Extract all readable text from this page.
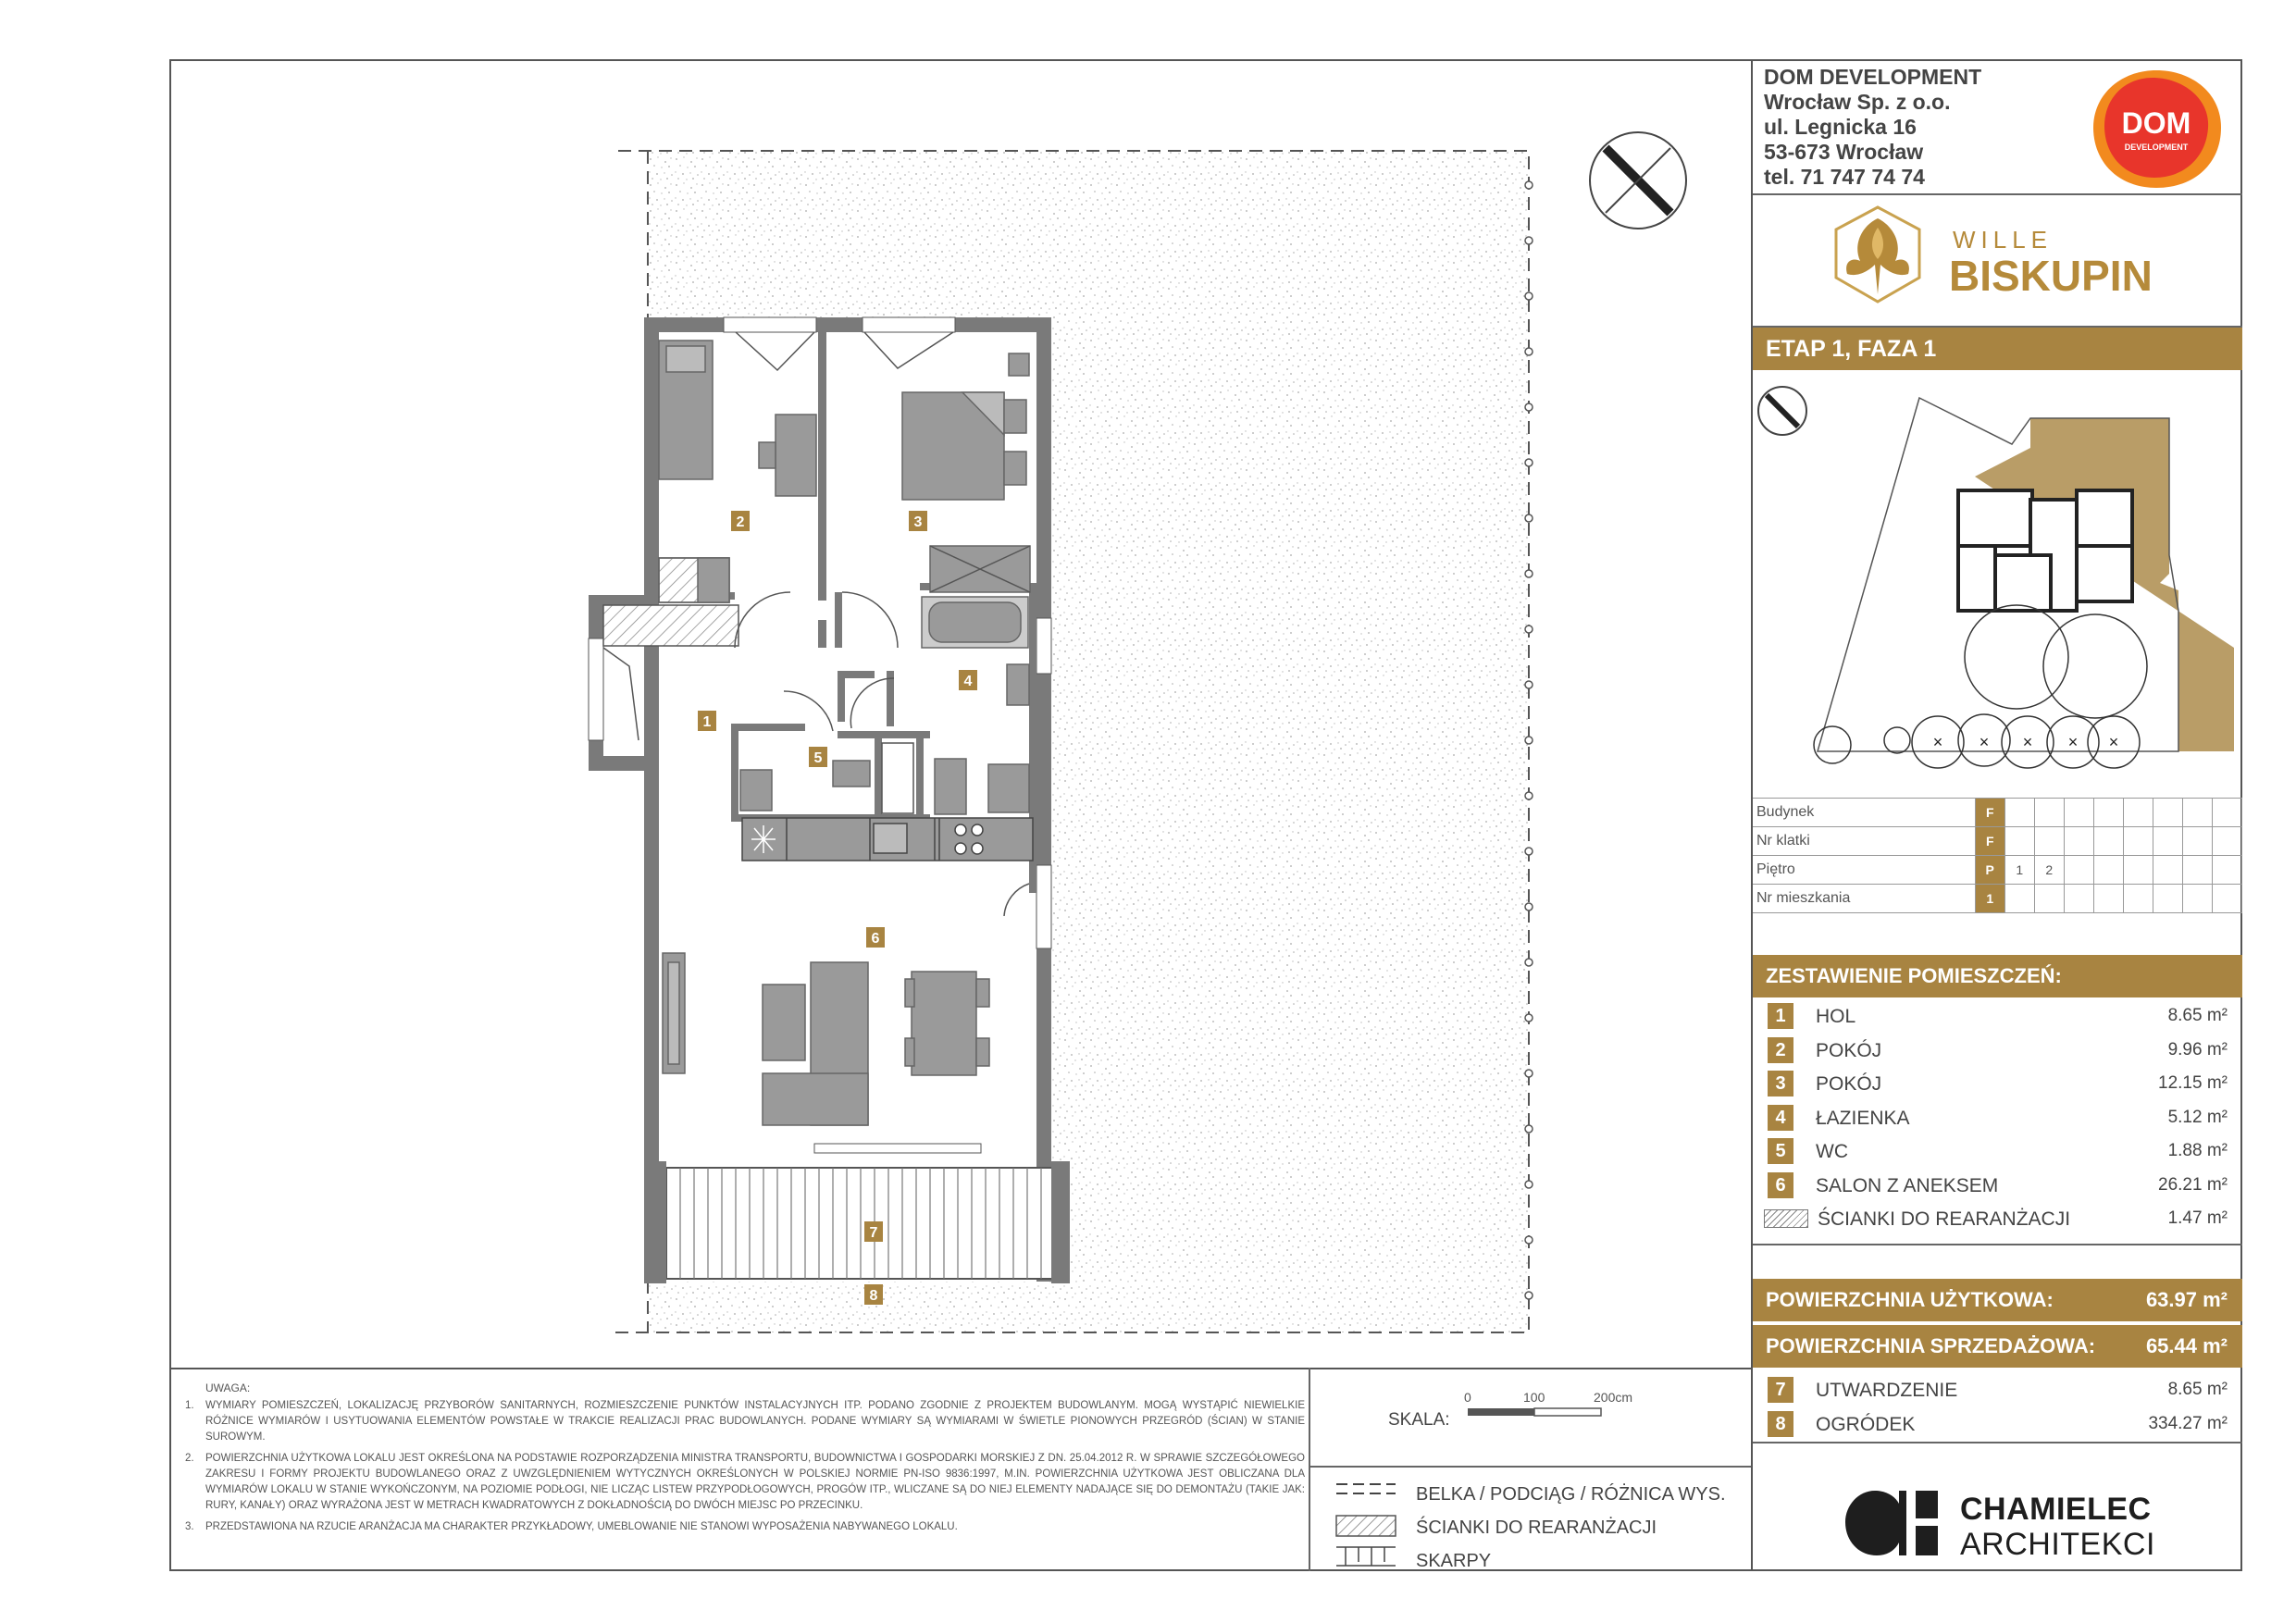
1
2	3
4
5
6
7
8
DOM DEVELOPMENT
Wrocław Sp. z o.o.
ul. Legnicka 16
53-673 Wrocław
tel. 71 747 74 74
DOM
DEVELOPMENT
WILLE
BISKUPIN
ETAP 1, FAZA 1
× × × × ×
Budynek	F								
Nr klatki	F								
Piętro	P	1	2						
Nr mieszkania	1								
ZESTAWIENIE POMIESZCZEŃ:
1	HOL	8.65 m²
2	POKÓJ	9.96 m²
3	POKÓJ	12.15 m²
4	ŁAZIENKA	5.12 m²
5	WC	1.88 m²
6	SALON Z ANEKSEM	26.21 m²
ŚCIANKI DO REARANŻACJI	1.47 m²
POWIERZCHNIA UŻYTKOWA:	63.97 m²
POWIERZCHNIA SPRZEDAŻOWA: 65.44 m²
7	UTWARDZENIE	8.65 m²
8	OGRÓDEK	334.27 m²
UWAGA:
1. WYMIARY POMIESZCZEŃ, LOKALIZACJĘ PRZYBORÓW SANITARNYCH, ROZMIESZCZENIE PUNKTÓW INSTALACYJNYCH ITP. PODANO ZGODNIE Z PROJEKTEM BUDOWLANYM. MOGĄ WYSTĄPIĆ NIEWIELKIE RÓŻNICE WYMIARÓW I USYTUOWANIA ELEMENTÓW POWSTAŁE W TRAKCIE REALIZACJI PRAC BUDOWLANYCH. PODANE WYMIARY SĄ WYMIARAMI W ŚWIETLE PIONOWYCH PRZEGRÓD (ŚCIAN) W STANIE SUROWYM.
2. POWIERZCHNIA UŻYTKOWA LOKALU JEST OKREŚLONA NA PODSTAWIE ROZPORZĄDZENIA MINISTRA TRANSPORTU, BUDOWNICTWA I GOSPODARKI MORSKIEJ Z DN. 25.04.2012 R. W SPRAWIE SZCZEGÓŁOWEGO ZAKRESU I FORMY PROJEKTU BUDOWLANEGO ORAZ Z UWZGLĘDNIENIEM WYTYCZNYCH OKREŚLONYCH W POLSKIEJ NORMIE PN-ISO 9836:1997, M.IN. POWIERZCHNIA UŻYTKOWA JEST OBLICZANA DLA WYMIARÓW LOKALU W STANIE WYKOŃCZONYM, NA POZIOMIE PODŁOGI, NIE LICZĄC LISTEW PRZYPODŁOGOWYCH, PROGÓW ITP., WLICZANE SĄ DO NIEJ ELEMENTY NADAJĄCE SIĘ DO DEMONTAŻU (TAKIE JAK: RURY, KANAŁY) ORAZ WYRAŻONA JEST W METRACH KWADRATOWYCH Z DOKŁADNOŚCIĄ DO DWÓCH MIEJSC PO PRZECINKU.
3. PRZEDSTAWIONA NA RZUCIE ARANŻACJA MA CHARAKTER PRZYKŁADOWY, UMEBLOWANIE NIE STANOWI WYPOSAŻENIA NABYWANEGO LOKALU.
SKALA:
0	100	200cm
BELKA / PODCIĄG / RÓŻNICA WYS.
ŚCIANKI DO REARANŻACJI
SKARPY
CHAMIELEC
ARCHITEKCI
